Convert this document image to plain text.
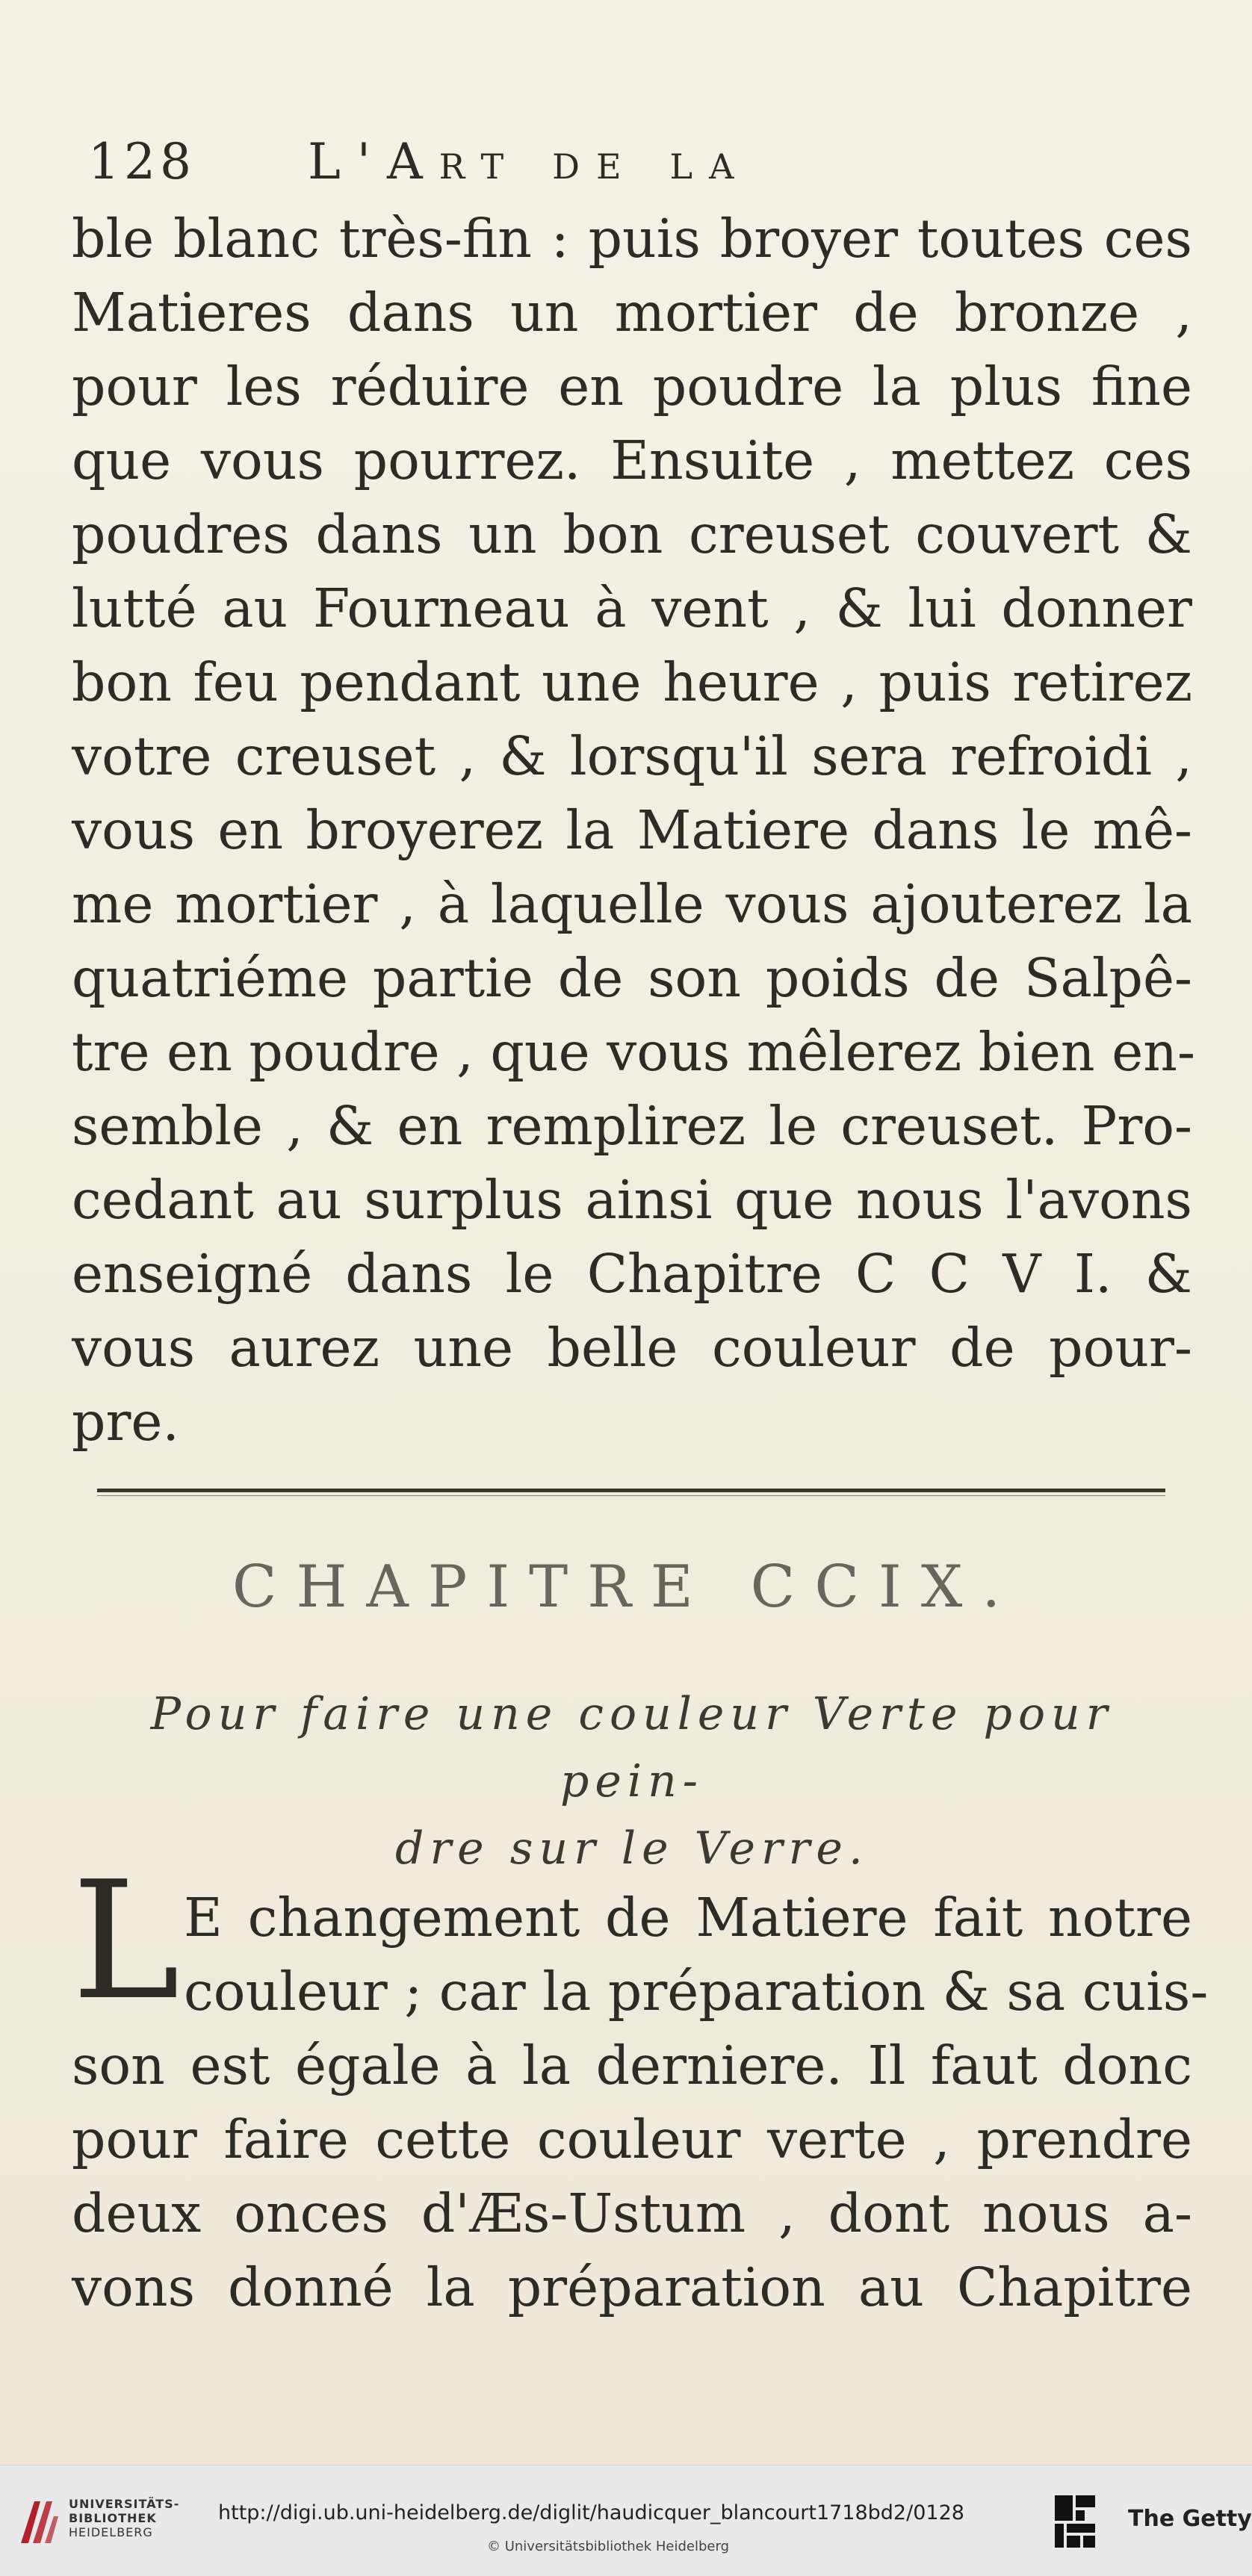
128 L'Art de la
ble blanc très-fin : puis broyer toutes ces
Matieres dans un mortier de bronze ,
pour les réduire en poudre la plus fine
que vous pourrez. Ensuite , mettez ces
poudres dans un bon creuset couvert &
lutté au Fourneau à vent , & lui donner
bon feu pendant une heure , puis retirez
votre creuset , & lorsqu'il sera refroidi ,
vous en broyerez la Matiere dans le mê-
me mortier , à laquelle vous ajouterez la
quatriéme partie de son poids de Salpê-
tre en poudre , que vous mêlerez bien en-
semble , & en remplirez le creuset. Pro-
cedant au surplus ainsi que nous l'avons
enseigné dans le Chapitre C C V I. &
vous aurez une belle couleur de pour-
pre.
CHAPITRE CCIX.
Pour faire une couleur Verte pour pein-
dre sur le Verre.
L E changement de Matiere fait notre
couleur ; car la préparation & sa cuis-
son est égale à la derniere. Il faut donc
pour faire cette couleur verte , prendre
deux onces d'Æs-Ustum , dont nous a-
vons donné la préparation au Chapitre
UNIVERSITÄTS-
BIBLIOTHEK
HEIDELBERG
http://digi.ub.uni-heidelberg.de/diglit/haudicquer_blancourt1718bd2/0128
© Universitätsbibliothek Heidelberg
The Getty
